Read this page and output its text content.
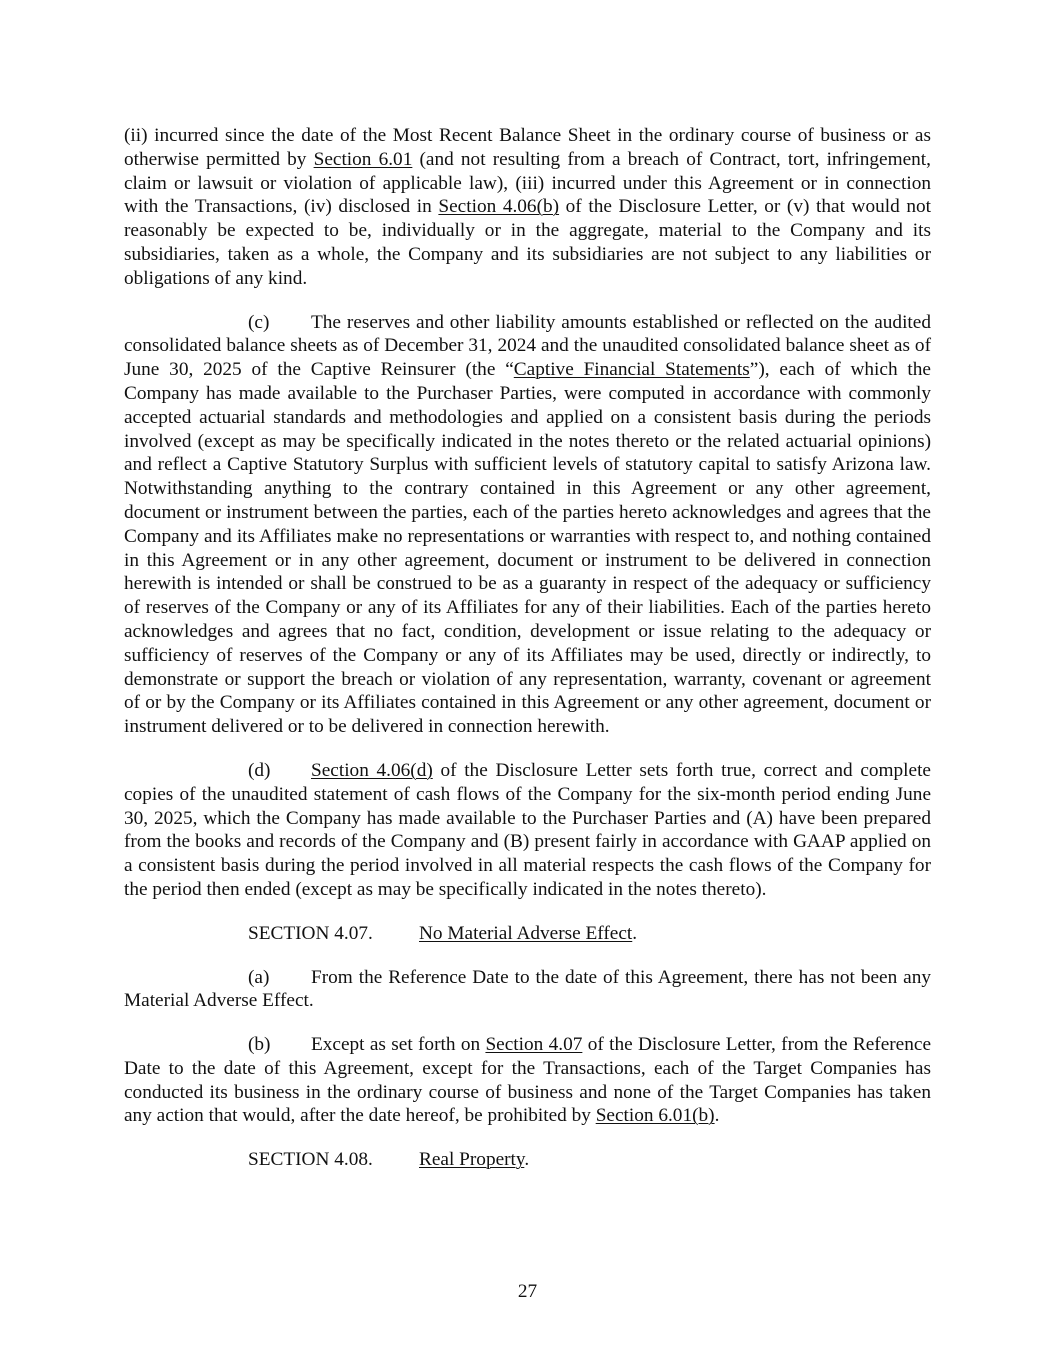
(ii) incurred since the date of the Most Recent Balance Sheet in the ordinary course of business or as otherwise permitted by Section 6.01 (and not resulting from a breach of Contract, tort, infringement, claim or lawsuit or violation of applicable law), (iii) incurred under this Agreement or in connection with the Transactions, (iv) disclosed in Section 4.06(b) of the Disclosure Letter, or (v) that would not reasonably be expected to be, individually or in the aggregate, material to the Company and its subsidiaries, taken as a whole, the Company and its subsidiaries are not subject to any liabilities or obligations of any kind.

(c) The reserves and other liability amounts established or reflected on the audited consolidated balance sheets as of December 31, 2024 and the unaudited consolidated balance sheet as of June 30, 2025 of the Captive Reinsurer (the “Captive Financial Statements”), each of which the Company has made available to the Purchaser Parties, were computed in accordance with commonly accepted actuarial standards and methodologies and applied on a consistent basis during the periods involved (except as may be specifically indicated in the notes thereto or the related actuarial opinions) and reflect a Captive Statutory Surplus with sufficient levels of statutory capital to satisfy Arizona law. Notwithstanding anything to the contrary contained in this Agreement or any other agreement, document or instrument between the parties, each of the parties hereto acknowledges and agrees that the Company and its Affiliates make no representations or warranties with respect to, and nothing contained in this Agreement or in any other agreement, document or instrument to be delivered in connection herewith is intended or shall be construed to be as a guaranty in respect of the adequacy or sufficiency of reserves of the Company or any of its Affiliates for any of their liabilities. Each of the parties hereto acknowledges and agrees that no fact, condition, development or issue relating to the adequacy or sufficiency of reserves of the Company or any of its Affiliates may be used, directly or indirectly, to demonstrate or support the breach or violation of any representation, warranty, covenant or agreement of or by the Company or its Affiliates contained in this Agreement or any other agreement, document or instrument delivered or to be delivered in connection herewith.

(d) Section 4.06(d) of the Disclosure Letter sets forth true, correct and complete copies of the unaudited statement of cash flows of the Company for the six-month period ending June 30, 2025, which the Company has made available to the Purchaser Parties and (A) have been prepared from the books and records of the Company and (B) present fairly in accordance with GAAP applied on a consistent basis during the period involved in all material respects the cash flows of the Company for the period then ended (except as may be specifically indicated in the notes thereto).

SECTION 4.07. No Material Adverse Effect.

(a) From the Reference Date to the date of this Agreement, there has not been any Material Adverse Effect.

(b) Except as set forth on Section 4.07 of the Disclosure Letter, from the Reference Date to the date of this Agreement, except for the Transactions, each of the Target Companies has conducted its business in the ordinary course of business and none of the Target Companies has taken any action that would, after the date hereof, be prohibited by Section 6.01(b).

SECTION 4.08. Real Property.

27
